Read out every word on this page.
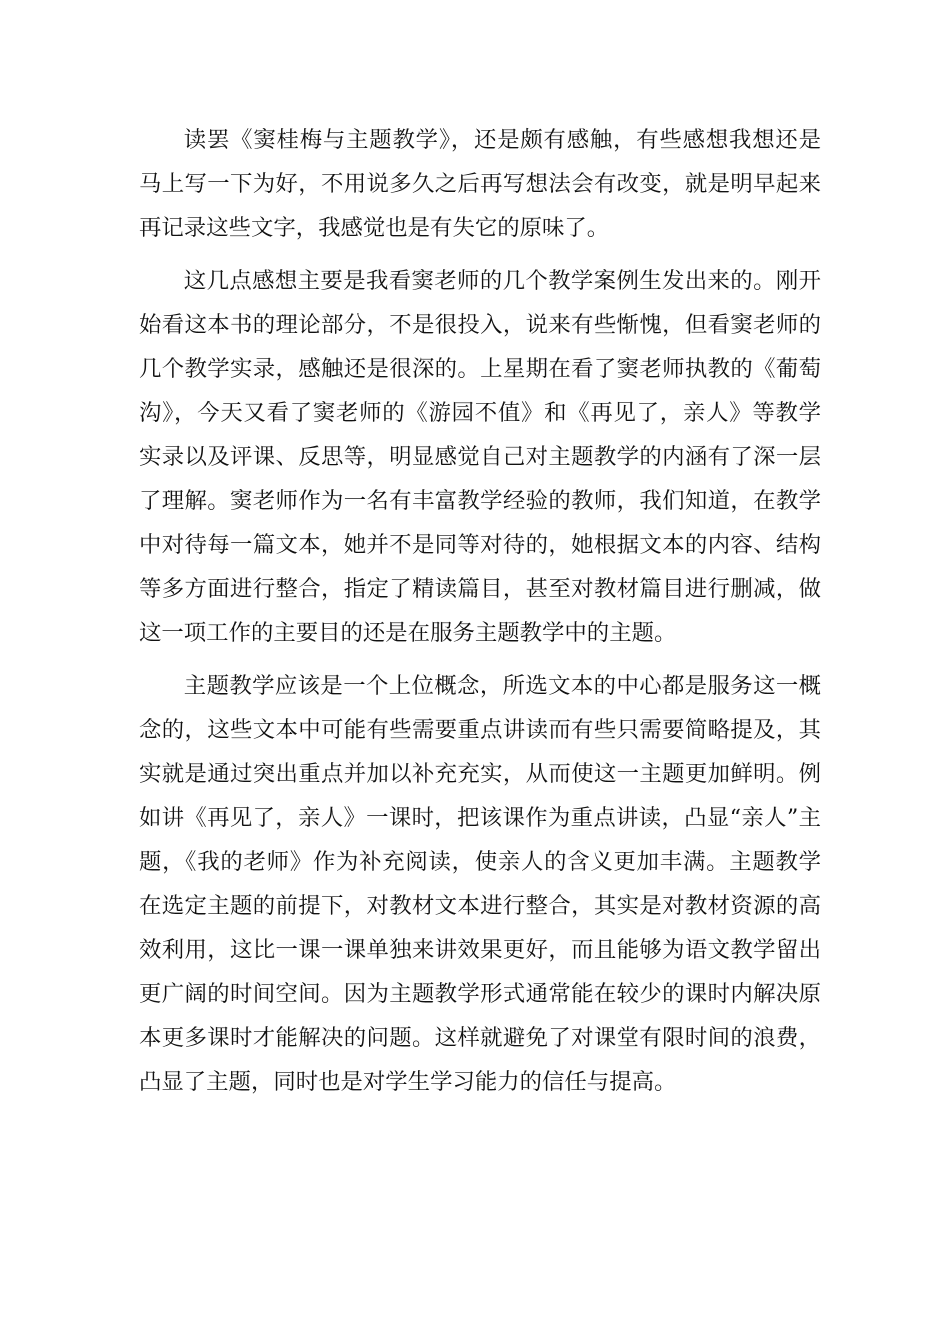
读罢《窦桂梅与主题教学》，还是颇有感触，有些感想我想还是马上写一下为好，不用说多久之后再写想法会有改变，就是明早起来再记录这些文字，我感觉也是有失它的原味了。

这几点感想主要是我看窦老师的几个教学案例生发出来的。刚开始看这本书的理论部分，不是很投入，说来有些惭愧，但看窦老师的几个教学实录，感触还是很深的。上星期在看了窦老师执教的《葡萄沟》，今天又看了窦老师的《游园不值》和《再见了，亲人》等教学实录以及评课、反思等，明显感觉自己对主题教学的内涵有了深一层了理解。窦老师作为一名有丰富教学经验的教师，我们知道，在教学中对待每一篇文本，她并不是同等对待的，她根据文本的内容、结构等多方面进行整合，指定了精读篇目，甚至对教材篇目进行删减，做这一项工作的主要目的还是在服务主题教学中的主题。

主题教学应该是一个上位概念，所选文本的中心都是服务这一概念的，这些文本中可能有些需要重点讲读而有些只需要简略提及，其实就是通过突出重点并加以补充充实，从而使这一主题更加鲜明。例如讲《再见了，亲人》一课时，把该课作为重点讲读，凸显“亲人”主题，《我的老师》作为补充阅读，使亲人的含义更加丰满。主题教学在选定主题的前提下，对教材文本进行整合，其实是对教材资源的高效利用，这比一课一课单独来讲效果更好，而且能够为语文教学留出更广阔的时间空间。因为主题教学形式通常能在较少的课时内解决原本更多课时才能解决的问题。这样就避免了对课堂有限时间的浪费，凸显了主题，同时也是对学生学习能力的信任与提高。
